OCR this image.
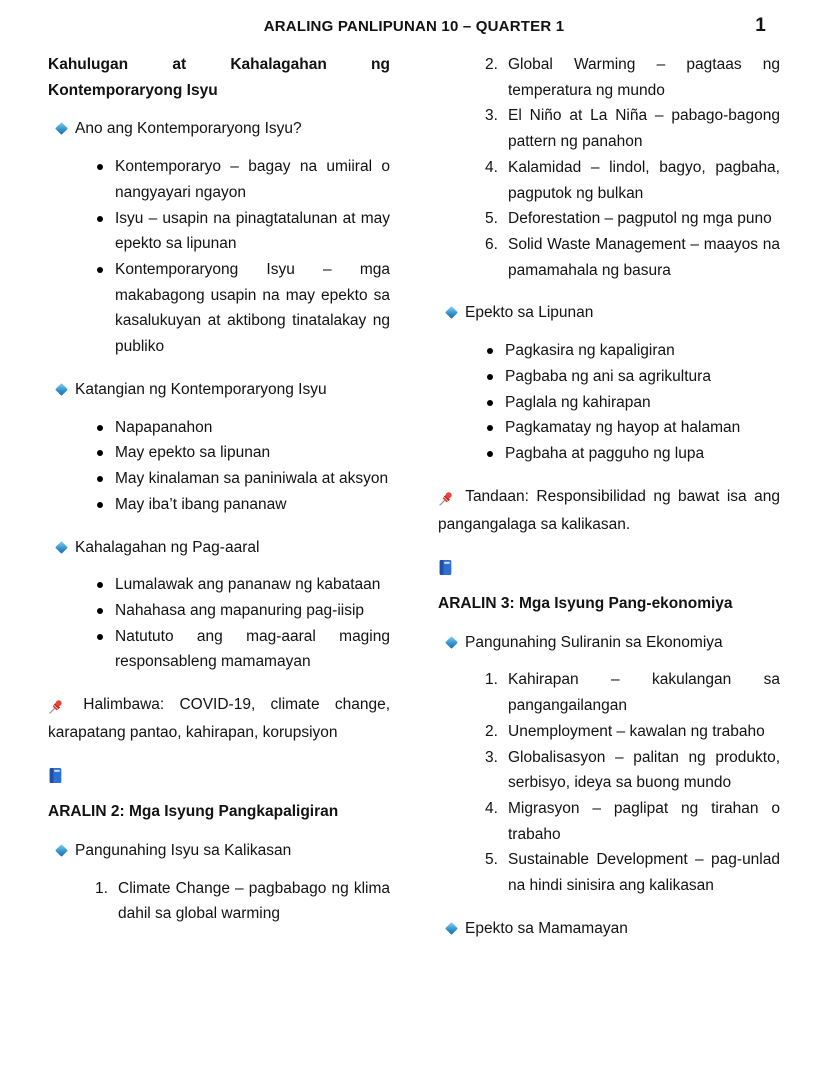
ARALING PANLIPUNAN 10 – QUARTER 1	1
Kahulugan at Kahalagahan ng Kontemporaryong Isyu
Ano ang Kontemporaryong Isyu?
Kontemporaryo – bagay na umiiral o nangyayari ngayon
Isyu – usapin na pinagtatalunan at may epekto sa lipunan
Kontemporaryong Isyu – mga makabagong usapin na may epekto sa kasalukuyan at aktibong tinatalakay ng publiko
Katangian ng Kontemporaryong Isyu
Napapanahon
May epekto sa lipunan
May kinalaman sa paniniwala at aksyon
May iba’t ibang pananaw
Kahalagahan ng Pag-aaral
Lumalawak ang pananaw ng kabataan
Nahahasa ang mapanuring pag-iisip
Natututo ang mag-aaral maging responsableng mamamayan

Halimbawa: COVID-19, climate change, karapatang pantao, kahirapan, korupsiyon

ARALIN 2: Mga Isyung Pangkapaligiran
Pangunahing Isyu sa Kalikasan
1. Climate Change – pagbabago ng klima dahil sa global warming
2. Global Warming – pagtaas ng temperatura ng mundo
3. El Niño at La Niña – pabago-bagong pattern ng panahon
4. Kalamidad – lindol, bagyo, pagbaha, pagputok ng bulkan
5. Deforestation – pagputol ng mga puno
6. Solid Waste Management – maayos na pamamahala ng basura
Epekto sa Lipunan
Pagkasira ng kapaligiran
Pagbaba ng ani sa agrikultura
Paglala ng kahirapan
Pagkamatay ng hayop at halaman
Pagbaha at pagguho ng lupa

Tandaan: Responsibilidad ng bawat isa ang pangangalaga sa kalikasan.

ARALIN 3: Mga Isyung Pang-ekonomiya
Pangunahing Suliranin sa Ekonomiya
1. Kahirapan – kakulangan sa pangangailangan
2. Unemployment – kawalan ng trabaho
3. Globalisasyon – palitan ng produkto, serbisyo, ideya sa buong mundo
4. Migrasyon – paglipat ng tirahan o trabaho
5. Sustainable Development – pag-unlad na hindi sinisira ang kalikasan
Epekto sa Mamamayan
